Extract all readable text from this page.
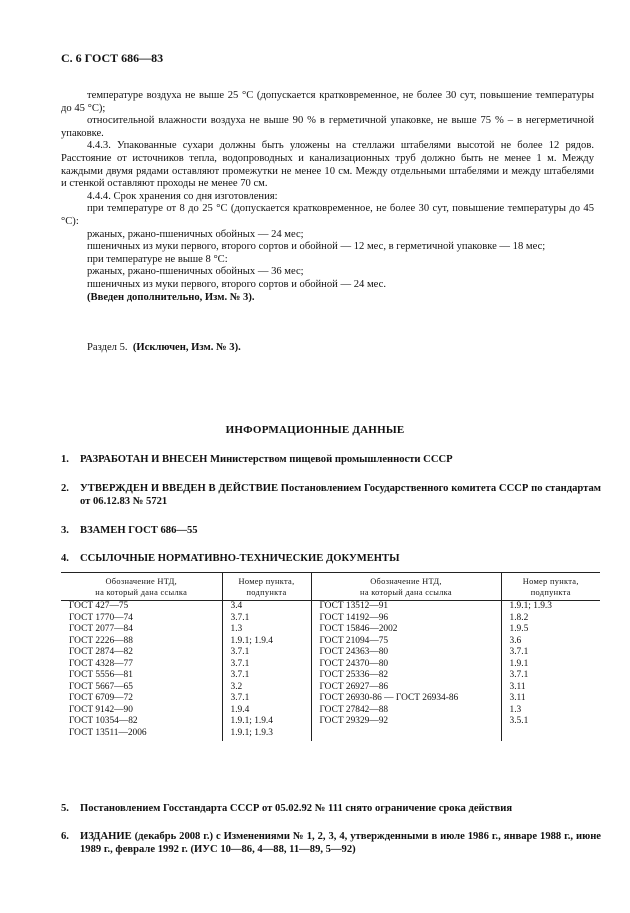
С. 6 ГОСТ 686—83

температуре воздуха не выше 25 °С (допускается кратковременное, не более 30 сут, повышение температуры до 45 °С);

относительной влажности воздуха не выше 90 % в герметичной упаковке, не выше 75 % – в негерметичной упаковке.

4.4.3. Упакованные сухари должны быть уложены на стеллажи штабелями высотой не более 12 рядов. Расстояние от источников тепла, водопроводных и канализационных труб должно быть не менее 1 м. Между каждыми двумя рядами оставляют промежутки не менее 10 см. Между отдельными штабелями и между штабелями и стенкой оставляют проходы не менее 70 см.

4.4.4. Срок хранения со дня изготовления:

при температуре от 8 до 25 °С (допускается кратковременное, не более 30 сут, повышение температуры до 45 °С):

ржаных, ржано-пшеничных обойных — 24 мес;

пшеничных из муки первого, второго сортов и обойной — 12 мес, в герметичной упаковке — 18 мес;

при температуре не выше 8 °С:

ржаных, ржано-пшеничных обойных — 36 мес;

пшеничных из муки первого, второго сортов и обойной — 24 мес.

(Введен дополнительно, Изм. № 3).

Раздел 5. (Исключен, Изм. № 3).
ИНФОРМАЦИОННЫЕ ДАННЫЕ
1. РАЗРАБОТАН И ВНЕСЕН Министерством пищевой промышленности СССР
2. УТВЕРЖДЕН И ВВЕДЕН В ДЕЙСТВИЕ Постановлением Государственного комитета СССР по стандартам от 06.12.83 № 5721
3. ВЗАМЕН ГОСТ 686—55
4. ССЫЛОЧНЫЕ НОРМАТИВНО-ТЕХНИЧЕСКИЕ ДОКУМЕНТЫ
Обозначение НТД,
на который дана ссылка	Номер пункта,
подпункта	Обозначение НТД,
на который дана ссылка	Номер пункта,
подпункта
ГОСТ 427—75	3.4	ГОСТ 13512—91	1.9.1; 1.9.3
ГОСТ 1770—74	3.7.1	ГОСТ 14192—96	1.8.2
ГОСТ 2077—84	1.3	ГОСТ 15846—2002	1.9.5
ГОСТ 2226—88	1.9.1; 1.9.4	ГОСТ 21094—75	3.6
ГОСТ 2874—82	3.7.1	ГОСТ 24363—80	3.7.1
ГОСТ 4328—77	3.7.1	ГОСТ 24370—80	1.9.1
ГОСТ 5556—81	3.7.1	ГОСТ 25336—82	3.7.1
ГОСТ 5667—65	3.2	ГОСТ 26927—86	3.11
ГОСТ 6709—72	3.7.1	ГОСТ 26930-86 — ГОСТ 26934-86	3.11
ГОСТ 9142—90	1.9.4	ГОСТ 27842—88	1.3
ГОСТ 10354—82	1.9.1; 1.9.4	ГОСТ 29329—92	3.5.1
ГОСТ 13511—2006	1.9.1; 1.9.3		
5. Постановлением Госстандарта СССР от 05.02.92 № 111 снято ограничение срока действия
6. ИЗДАНИЕ (декабрь 2008 г.) с Изменениями № 1, 2, 3, 4, утвержденными в июле 1986 г., январе 1988 г., июне 1989 г., феврале 1992 г. (ИУС 10—86, 4—88, 11—89, 5—92)
